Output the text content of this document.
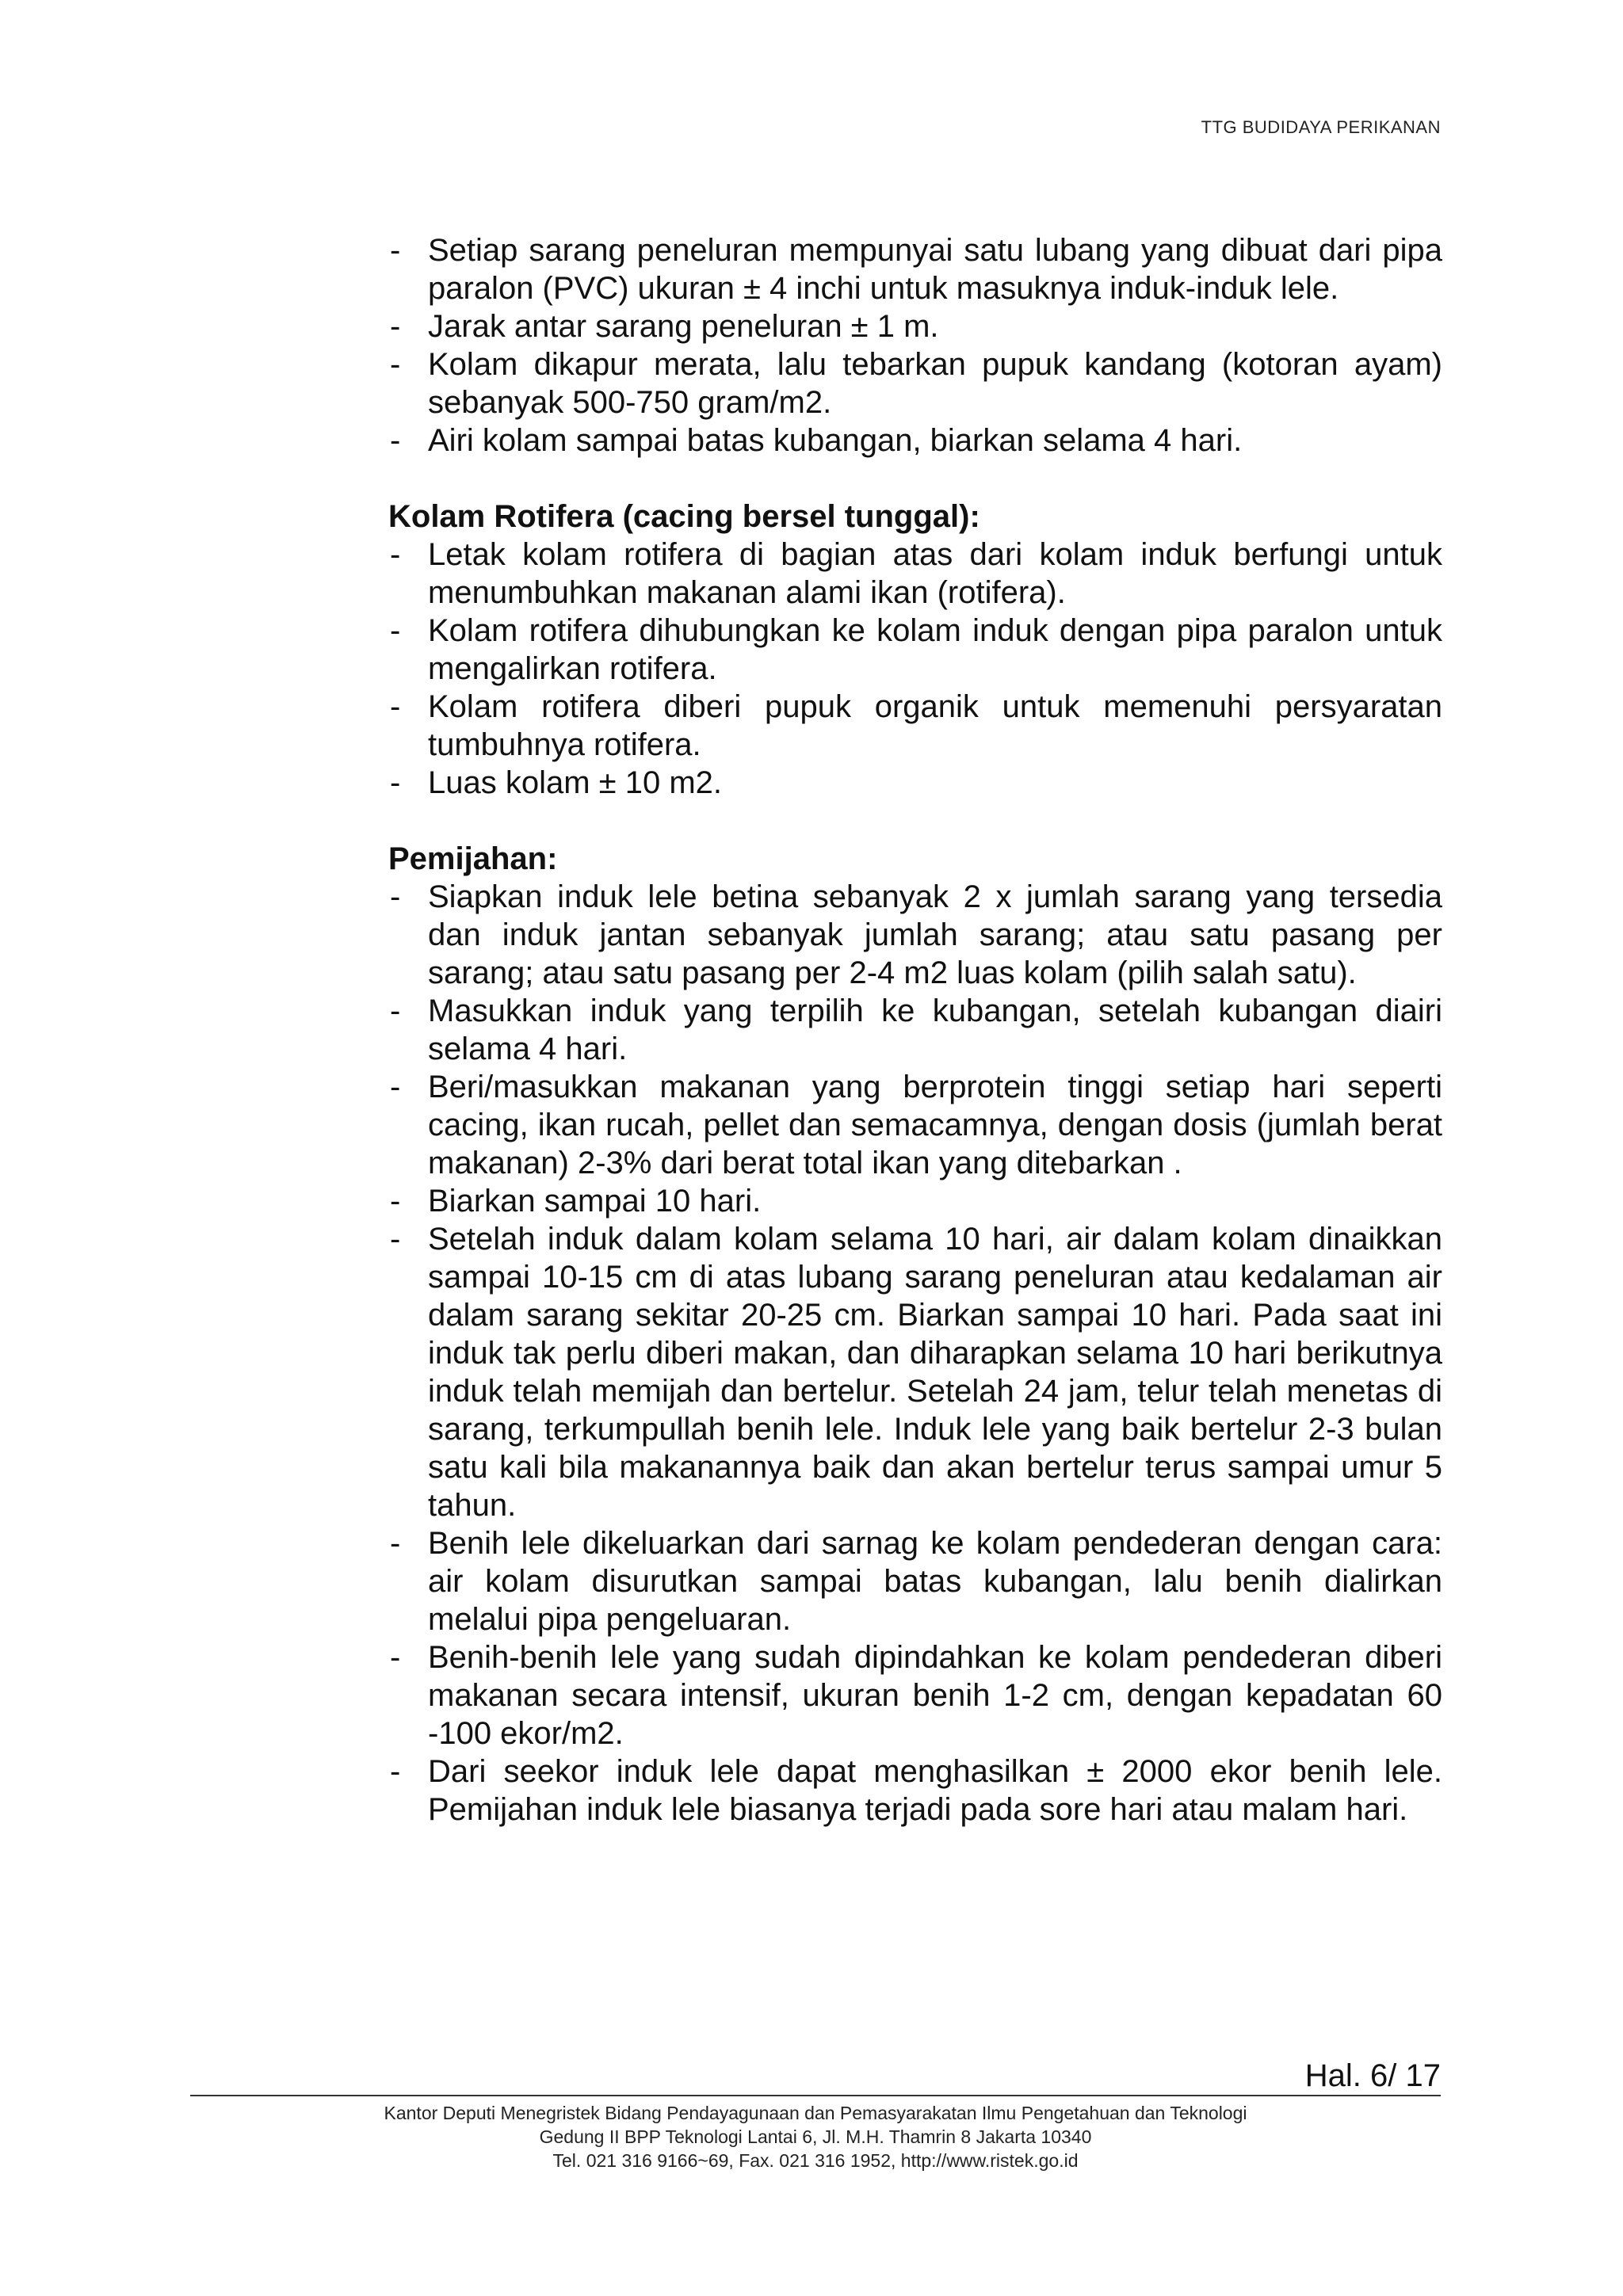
TTG BUDIDAYA PERIKANAN
- Setiap sarang peneluran mempunyai satu lubang yang dibuat dari pipa paralon (PVC) ukuran ± 4 inchi untuk masuknya induk-induk lele.
- Jarak antar sarang peneluran ± 1 m.
- Kolam dikapur merata, lalu tebarkan pupuk kandang (kotoran ayam) sebanyak 500-750 gram/m2.
- Airi kolam sampai batas kubangan, biarkan selama 4 hari.
Kolam Rotifera (cacing bersel tunggal):
- Letak kolam rotifera di bagian atas dari kolam induk berfungi untuk menumbuhkan makanan alami ikan (rotifera).
- Kolam rotifera dihubungkan ke kolam induk dengan pipa paralon untuk mengalirkan rotifera.
- Kolam rotifera diberi pupuk organik untuk memenuhi persyaratan tumbuhnya rotifera.
- Luas kolam ± 10 m2.
Pemijahan:
- Siapkan induk lele betina sebanyak 2 x jumlah sarang yang tersedia dan induk jantan sebanyak jumlah sarang; atau satu pasang per sarang; atau satu pasang per 2-4 m2 luas kolam (pilih salah satu).
- Masukkan induk yang terpilih ke kubangan, setelah kubangan diairi selama 4 hari.
- Beri/masukkan makanan yang berprotein tinggi setiap hari seperti cacing, ikan rucah, pellet dan semacamnya, dengan dosis (jumlah berat makanan) 2-3% dari berat total ikan yang ditebarkan .
- Biarkan sampai 10 hari.
- Setelah induk dalam kolam selama 10 hari, air dalam kolam dinaikkan sampai 10-15 cm di atas lubang sarang peneluran atau kedalaman air dalam sarang sekitar 20-25 cm. Biarkan sampai 10 hari. Pada saat ini induk tak perlu diberi makan, dan diharapkan selama 10 hari berikutnya induk telah memijah dan bertelur. Setelah 24 jam, telur telah menetas di sarang, terkumpullah benih lele. Induk lele yang baik bertelur 2-3 bulan satu kali bila makanannya baik dan akan bertelur terus sampai umur 5 tahun.
- Benih lele dikeluarkan dari sarnag ke kolam pendederan dengan cara: air kolam disurutkan sampai batas kubangan, lalu benih dialirkan melalui pipa pengeluaran.
- Benih-benih lele yang sudah dipindahkan ke kolam pendederan diberi makanan secara intensif, ukuran benih 1-2 cm, dengan kepadatan 60 -100 ekor/m2.
- Dari seekor induk lele dapat menghasilkan ± 2000 ekor benih lele. Pemijahan induk lele biasanya terjadi pada sore hari atau malam hari.
Hal. 6/ 17
Kantor Deputi Menegristek Bidang Pendayagunaan dan Pemasyarakatan Ilmu Pengetahuan dan Teknologi
Gedung II BPP Teknologi Lantai 6, Jl. M.H. Thamrin 8 Jakarta 10340
Tel. 021 316 9166~69, Fax. 021 316 1952, http://www.ristek.go.id
